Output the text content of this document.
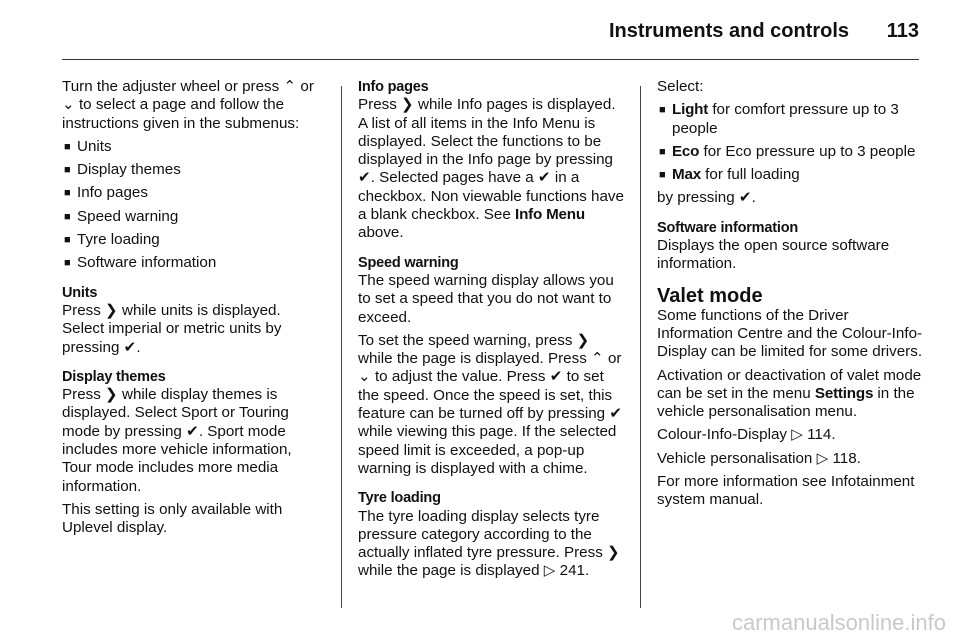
Instruments and controls 113

Turn the adjuster wheel or press ⌃ or ⌄ to select a page and follow the instructions given in the submenus:

■ Units
■ Display themes
■ Info pages
■ Speed warning
■ Tyre loading
■ Software information
Units

Press ❯ while units is displayed. Select imperial or metric units by pressing ✔.

Display themes

Press ❯ while display themes is displayed. Select Sport or Touring mode by pressing ✔. Sport mode includes more vehicle information, Tour mode includes more media information.

This setting is only available with Uplevel display.

Info pages

Press ❯ while Info pages is displayed. A list of all items in the Info Menu is displayed. Select the functions to be displayed in the Info page by pressing ✔. Selected pages have a ✔ in a checkbox. Non viewable functions have a blank checkbox. See Info Menu above.

Speed warning

The speed warning display allows you to set a speed that you do not want to exceed.

To set the speed warning, press ❯ while the page is displayed. Press ⌃ or ⌄ to adjust the value. Press ✔ to set the speed. Once the speed is set, this feature can be turned off by pressing ✔ while viewing this page. If the selected speed limit is exceeded, a pop-up warning is displayed with a chime.

Tyre loading

The tyre loading display selects tyre pressure category according to the actually inflated tyre pressure. Press ❯ while the page is displayed ▷ 241.

Select:

■ Light for comfort pressure up to 3 people
■ Eco for Eco pressure up to 3 people
■ Max for full loading

by pressing ✔.

Software information

Displays the open source software information.

Valet mode

Some functions of the Driver Information Centre and the Colour-Info-Display can be limited for some drivers.

Activation or deactivation of valet mode can be set in the menu Settings in the vehicle personalisation menu.

Colour-Info-Display ▷ 114.

Vehicle personalisation ▷ 118.

For more information see Infotainment system manual.

carmanualsonline.info
